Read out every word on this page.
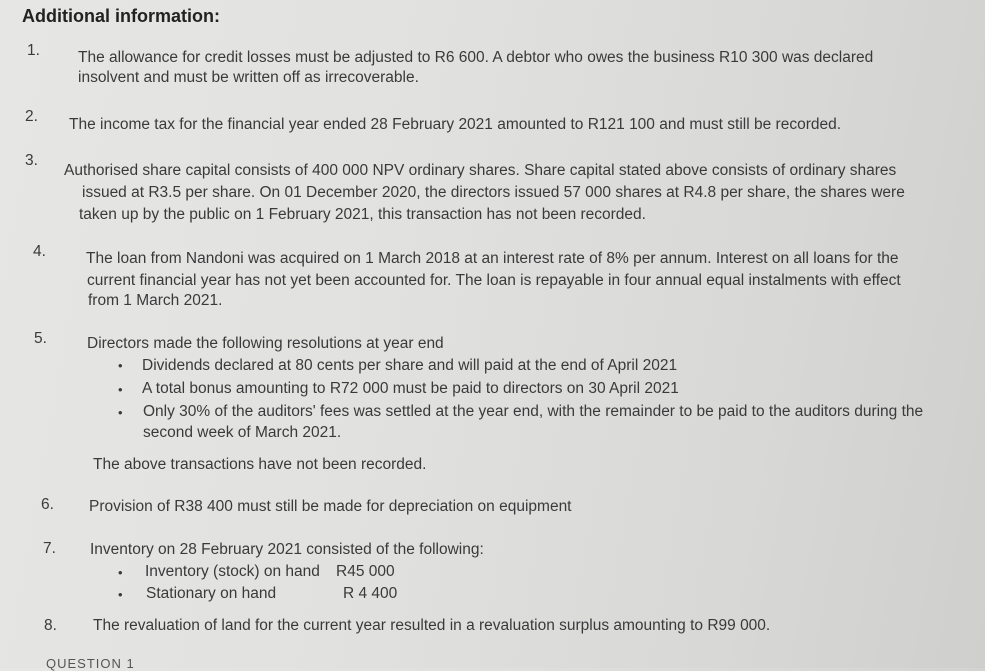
Additional information:
1. The allowance for credit losses must be adjusted to R6 600. A debtor who owes the business R10 300 was declared
insolvent and must be written off as irrecoverable.
2. The income tax for the financial year ended 28 February 2021 amounted to R121 100 and must still be recorded.
3.
Authorised share capital consists of 400 000 NPV ordinary shares. Share capital stated above consists of ordinary shares
issued at R3.5 per share. On 01 December 2020, the directors issued 57 000 shares at R4.8 per share, the shares were
taken up by the public on 1 February 2021, this transaction has not been recorded.
4.	The loan from Nandoni was acquired on 1 March 2018 at an interest rate of 8% per annum. Interest on all loans for the
current financial year has not yet been accounted for. The loan is repayable in four annual equal instalments with effect
from 1 March 2021.
5.	Directors made the following resolutions at year end
• Dividends declared at 80 cents per share and will paid at the end of April 2021
• A total bonus amounting to R72 000 must be paid to directors on 30 April 2021
• Only 30% of the auditors' fees was settled at the year end, with the remainder to be paid to the auditors during the
second week of March 2021.
The above transactions have not been recorded.
6. Provision of R38 400 must still be made for depreciation on equipment
7. Inventory on 28 February 2021 consisted of the following:
• Inventory (stock) on hand R45 000
• Stationary on hand	R 4 400
8. The revaluation of land for the current year resulted in a revaluation surplus amounting to R99 000.
QUESTION 1
